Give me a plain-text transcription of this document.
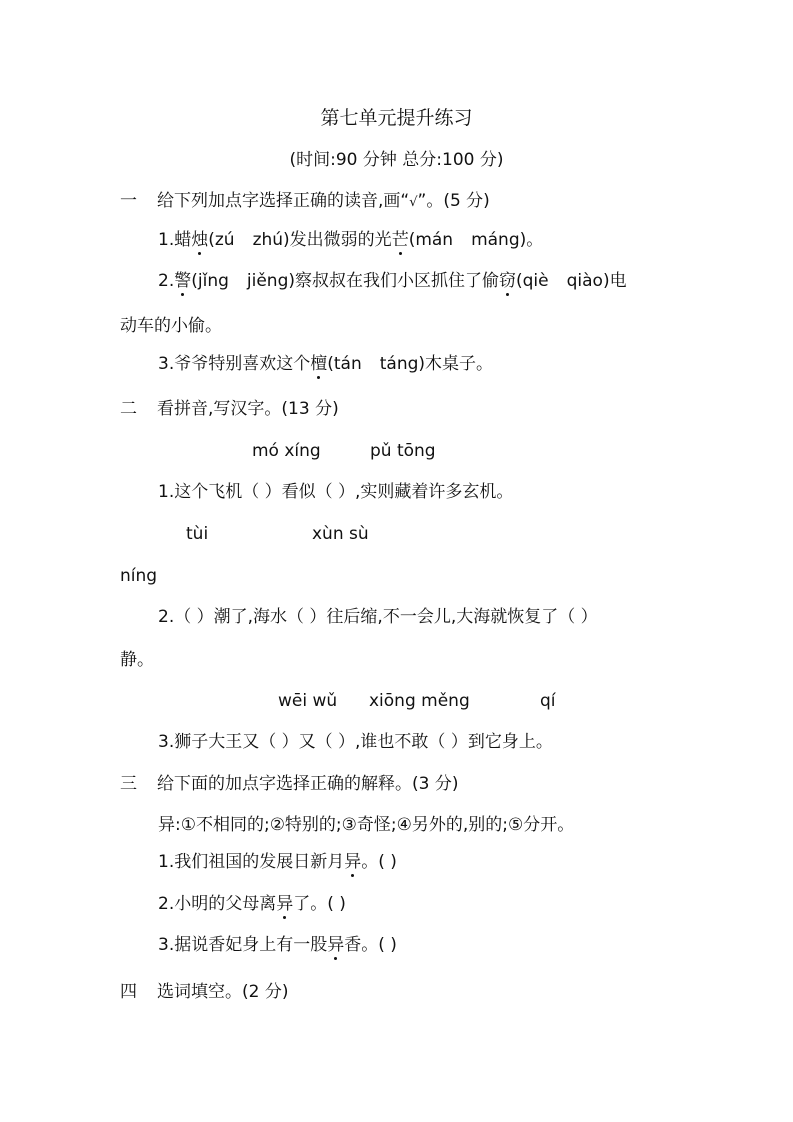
第七单元提升练习
(时间:90 分钟 总分:100 分)
一 给下列加点字选择正确的读音,画“√”。(5 分)
1.蜡烛(zú zhú)发出微弱的光芒(mán máng)。
2.警(jǐng jiěng)察叔叔在我们小区抓住了偷窃(qiè qiào)电
动车的小偷。
3.爷爷特别喜欢这个檀(tán táng)木桌子。
二 看拼音,写汉字。(13 分)
mó xíng	pǔ tōng
1.这个飞机（ ）看似（ ）,实则藏着许多玄机。
tùi	xùn sù
níng
2.（ ）潮了,海水（ ）往后缩,不一会儿,大海就恢复了（ ）
静。
wēi wǔ xiōng měng	qí
3.狮子大王又（ ）又（ ）,谁也不敢（ ）到它身上。
三 给下面的加点字选择正确的解释。(3 分)
异:①不相同的;②特别的;③奇怪;④另外的,别的;⑤分开。
1.我们祖国的发展日新月异。( )
2.小明的父母离异了。( )
3.据说香妃身上有一股异香。( )
四 选词填空。(2 分)
